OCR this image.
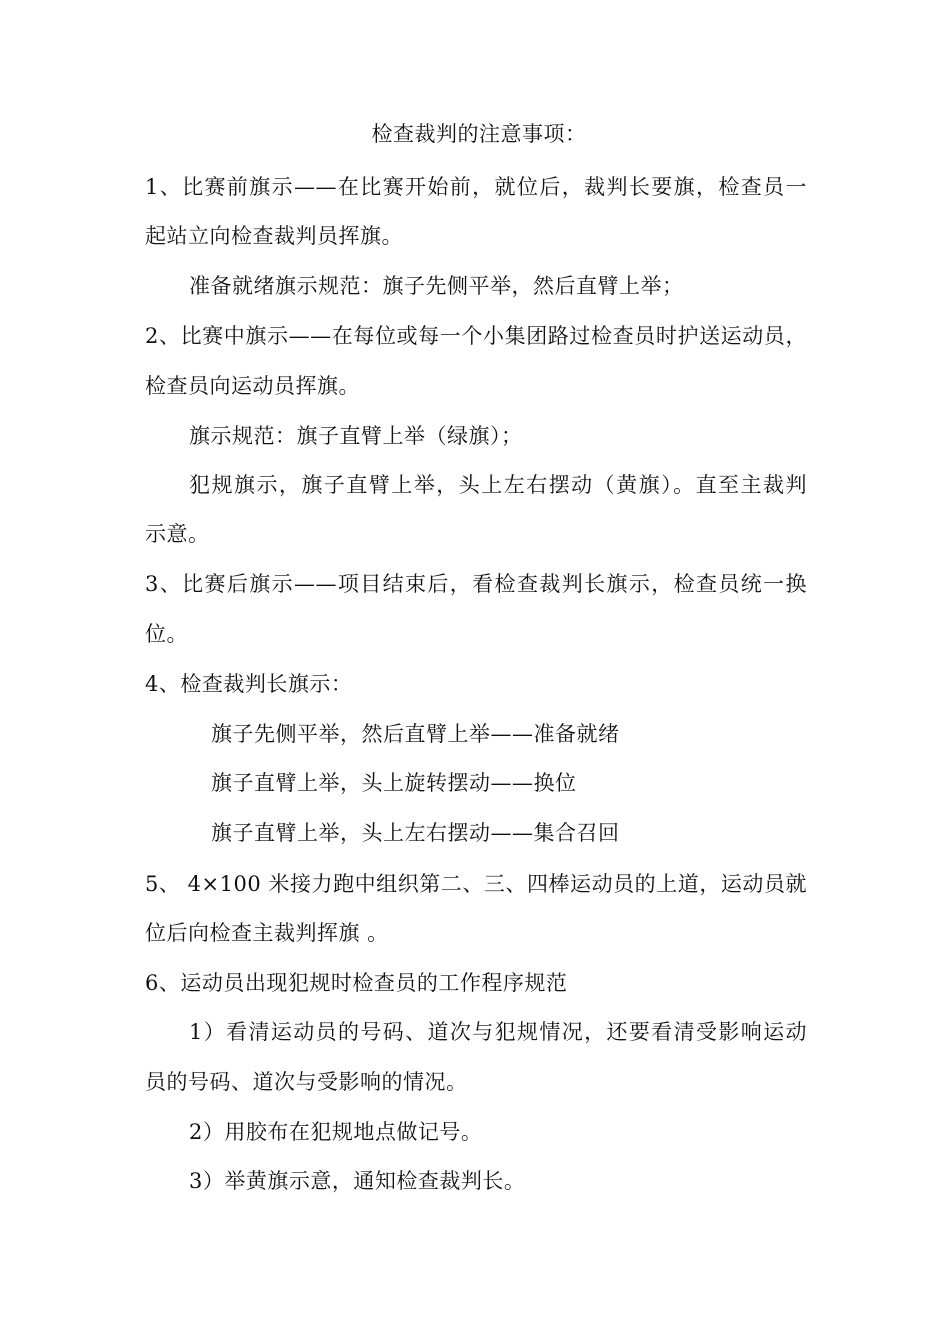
检查裁判的注意事项：
1、比赛前旗示——在比赛开始前，就位后，裁判长要旗，检查员一
起站立向检查裁判员挥旗。
准备就绪旗示规范：旗子先侧平举，然后直臂上举；
2、比赛中旗示——在每位或每一个小集团路过检查员时护送运动员，
检查员向运动员挥旗。
旗示规范：旗子直臂上举（绿旗）；
犯规旗示，旗子直臂上举，头上左右摆动（黄旗）。直至主裁判
示意。
3、比赛后旗示——项目结束后，看检查裁判长旗示，检查员统一换
位。
4、检查裁判长旗示：
旗子先侧平举，然后直臂上举——准备就绪
旗子直臂上举，头上旋转摆动——换位
旗子直臂上举，头上左右摆动——集合召回
5、 4×100 米接力跑中组织第二、三、四棒运动员的上道，运动员就
位后向检查主裁判挥旗 。
6、运动员出现犯规时检查员的工作程序规范
1）看清运动员的号码、道次与犯规情况，还要看清受影响运动
员的号码、道次与受影响的情况。
2）用胶布在犯规地点做记号。
3）举黄旗示意，通知检查裁判长。
